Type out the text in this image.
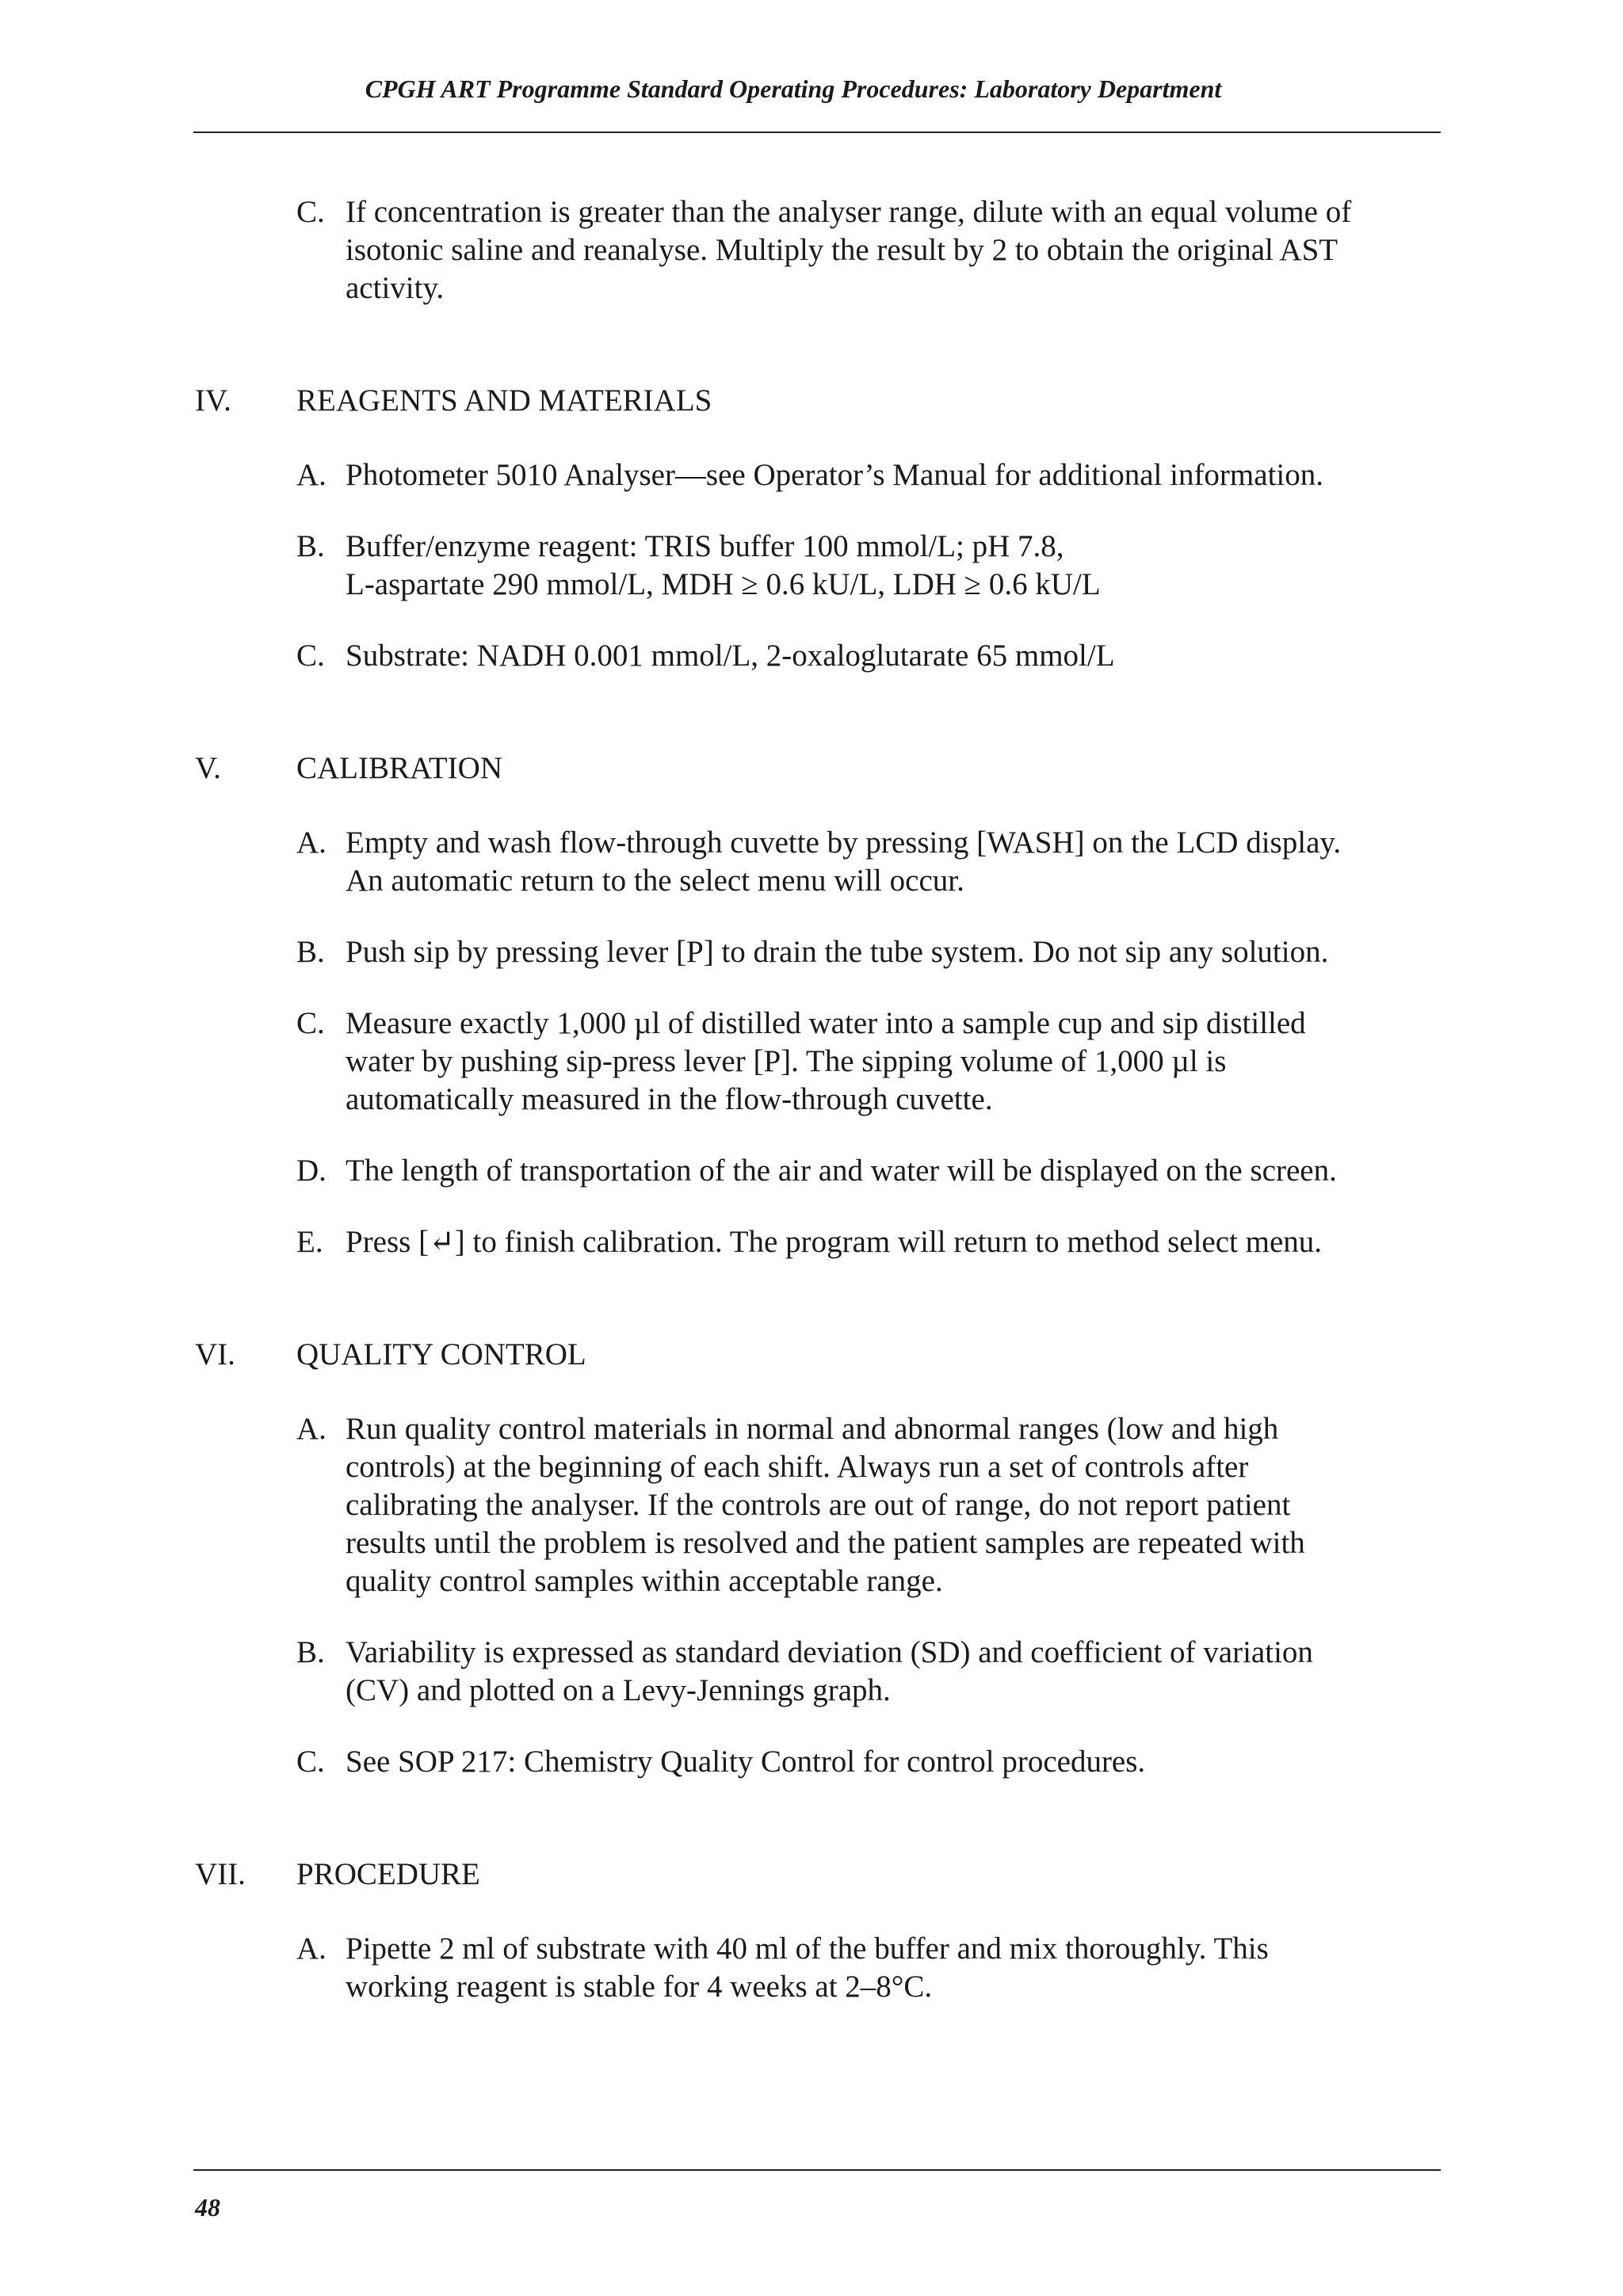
CPGH ART Programme Standard Operating Procedures: Laboratory Department
C. If concentration is greater than the analyser range, dilute with an equal volume of
isotonic saline and reanalyse. Multiply the result by 2 to obtain the original AST
activity.
IV. REAGENTS AND MATERIALS
A. Photometer 5010 Analyser—see Operator’s Manual for additional information.
B. Buffer/enzyme reagent: TRIS buffer 100 mmol/L; pH 7.8,
L-aspartate 290 mmol/L, MDH ≥ 0.6 kU/L, LDH ≥ 0.6 kU/L
C. Substrate: NADH 0.001 mmol/L, 2-oxaloglutarate 65 mmol/L
V. CALIBRATION
A. Empty and wash flow-through cuvette by pressing [WASH] on the LCD display.
An automatic return to the select menu will occur.
B. Push sip by pressing lever [P] to drain the tube system. Do not sip any solution.
C. Measure exactly 1,000 µl of distilled water into a sample cup and sip distilled
water by pushing sip-press lever [P]. The sipping volume of 1,000 µl is
automatically measured in the flow-through cuvette.
D. The length of transportation of the air and water will be displayed on the screen.
E. Press [↵] to finish calibration. The program will return to method select menu.
VI. QUALITY CONTROL
A. Run quality control materials in normal and abnormal ranges (low and high
controls) at the beginning of each shift. Always run a set of controls after
calibrating the analyser. If the controls are out of range, do not report patient
results until the problem is resolved and the patient samples are repeated with
quality control samples within acceptable range.
B. Variability is expressed as standard deviation (SD) and coefficient of variation
(CV) and plotted on a Levy-Jennings graph.
C. See SOP 217: Chemistry Quality Control for control procedures.
VII. PROCEDURE
A. Pipette 2 ml of substrate with 40 ml of the buffer and mix thoroughly. This
working reagent is stable for 4 weeks at 2–8°C.
48
